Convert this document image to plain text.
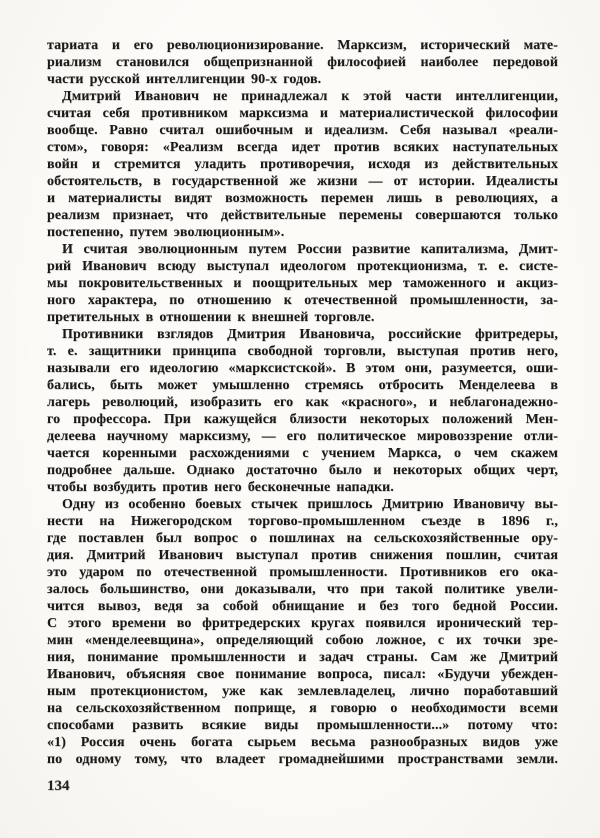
тариата и его революционизирование. Марксизм, исторический мате-
риализм становился общепризнанной философией наиболее передовой
части русской интеллигенции 90-х годов.
Дмитрий Иванович не принадлежал к этой части интеллигенции,
считая себя противником марксизма и материалистической философии
вообще. Равно считал ошибочным и идеализм. Себя называл «реали-
стом», говоря: «Реализм всегда идет против всяких наступательных
войн и стремится уладить противоречия, исходя из действительных
обстоятельств, в государственной же жизни — от истории. Идеалисты
и материалисты видят возможность перемен лишь в революциях, а
реализм признает, что действительные перемены совершаются только
постепенно, путем эволюционным».
И считая эволюционным путем России развитие капитализма, Дмит-
рий Иванович всюду выступал идеологом протекционизма, т. е. систе-
мы покровительственных и поощрительных мер таможенного и акциз-
ного характера, по отношению к отечественной промышленности, за-
претительных в отношении к внешней торговле.
Противники взглядов Дмитрия Ивановича, российские фритредеры,
т. е. защитники принципа свободной торговли, выступая против него,
называли его идеологию «марксистской». В этом они, разумеется, оши-
бались, быть может умышленно стремясь отбросить Менделеева в
лагерь революций, изобразить его как «красного», и неблагонадежно-
го профессора. При кажущейся близости некоторых положений Мен-
делеева научному марксизму, — его политическое мировоззрение отли-
чается коренными расхождениями с учением Маркса, о чем скажем
подробнее дальше. Однако достаточно было и некоторых общих черт,
чтобы возбудить против него бесконечные нападки.
Одну из особенно боевых стычек пришлось Дмитрию Ивановичу вы-
нести на Нижегородском торгово-промышленном съезде в 1896 г.,
где поставлен был вопрос о пошлинах на сельскохозяйственные ору-
дия. Дмитрий Иванович выступал против снижения пошлин, считая
это ударом по отечественной промышленности. Противников его ока-
залось большинство, они доказывали, что при такой политике увели-
чится вывоз, ведя за собой обнищание и без того бедной России.
С этого времени во фритредерских кругах появился иронический тер-
мин «менделеевщина», определяющий собою ложное, с их точки зре-
ния, понимание промышленности и задач страны. Сам же Дмитрий
Иванович, объясняя свое понимание вопроса, писал: «Будучи убежден-
ным протекционистом, уже как землевладелец, лично поработавший
на сельскохозяйственном поприще, я говорю о необходимости всеми
способами развить всякие виды промышленности...» потому что:
«1) Россия очень богата сырьем весьма разнообразных видов уже
по одному тому, что владеет громаднейшими пространствами земли.
134
